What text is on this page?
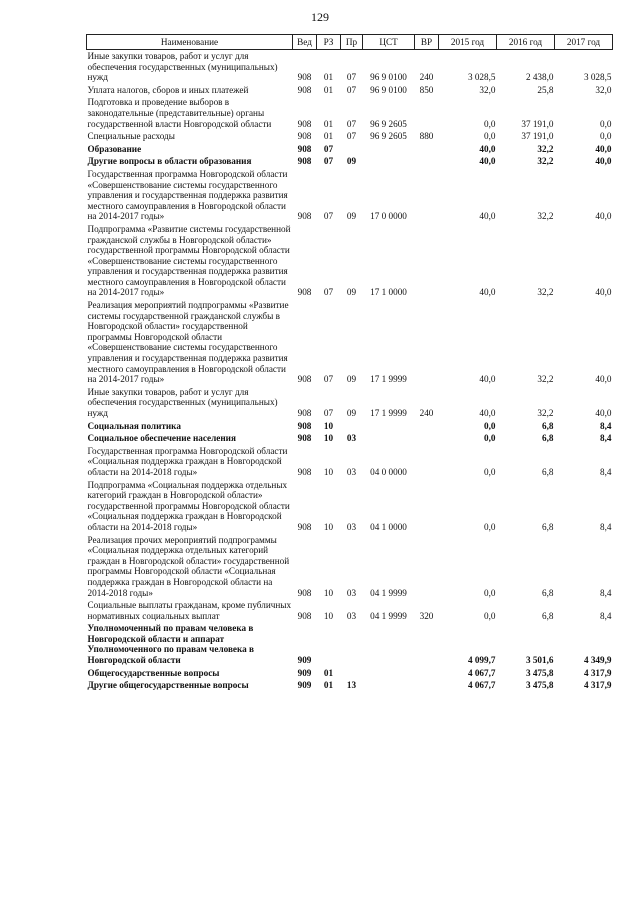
129
Наименование	Вед	РЗ	Пр	ЦСТ	ВР	2015 год	2016 год	2017 год
Иные закупки товаров, работ и услуг для обеспечения государственных (муниципальных) нужд	908	01	07	96 9 0100	240	3 028,5	2 438,0	3 028,5
Уплата налогов, сборов и иных платежей	908	01	07	96 9 0100	850	32,0	25,8	32,0
Подготовка и проведение выборов в законодательные (представительные) органы государственной власти Новгородской области	908	01	07	96 9 2605		0,0	37 191,0	0,0
Специальные расходы	908	01	07	96 9 2605	880	0,0	37 191,0	0,0
Образование	908	07				40,0	32,2	40,0
Другие вопросы в области образования	908	07	09			40,0	32,2	40,0
Государственная программа Новгородской области «Совершенствование системы государственного управления и государственная поддержка развития местного самоуправления в Новгородской области на 2014-2017 годы»	908	07	09	17 0 0000		40,0	32,2	40,0
Подпрограмма «Развитие системы государственной гражданской службы в Новгородской области» государственной программы Новгородской области «Совершенствование системы государственного управления и государственная поддержка развития местного самоуправления в Новгородской области на 2014-2017 годы»	908	07	09	17 1 0000		40,0	32,2	40,0
Реализация мероприятий подпрограммы «Развитие системы государственной гражданской службы в Новгородской области» государственной программы Новгородской области «Совершенствование системы государственного управления и государственная поддержка развития местного самоуправления в Новгородской области на 2014-2017 годы»	908	07	09	17 1 9999		40,0	32,2	40,0
Иные закупки товаров, работ и услуг для обеспечения государственных (муниципальных) нужд	908	07	09	17 1 9999	240	40,0	32,2	40,0
Социальная политика	908	10				0,0	6,8	8,4
Социальное обеспечение населения	908	10	03			0,0	6,8	8,4
Государственная программа Новгородской области «Социальная поддержка граждан в Новгородской области на 2014-2018 годы»	908	10	03	04 0 0000		0,0	6,8	8,4
Подпрограмма «Социальная поддержка отдельных категорий граждан в Новгородской области» государственной программы Новгородской области «Социальная поддержка граждан в Новгородской области на 2014-2018 годы»	908	10	03	04 1 0000		0,0	6,8	8,4
Реализация прочих мероприятий подпрограммы «Социальная поддержка отдельных категорий граждан в Новгородской области» государственной программы Новгородской области «Социальная поддержка граждан в Новгородской области на 2014-2018 годы»	908	10	03	04 1 9999		0,0	6,8	8,4
Социальные выплаты гражданам, кроме публичных нормативных социальных выплат	908	10	03	04 1 9999	320	0,0	6,8	8,4
Уполномоченный по правам человека в Новгородской области и аппарат Уполномоченного по правам человека в Новгородской области	909					4 099,7	3 501,6	4 349,9
Общегосударственные вопросы	909	01				4 067,7	3 475,8	4 317,9
Другие общегосударственные вопросы	909	01	13			4 067,7	3 475,8	4 317,9
